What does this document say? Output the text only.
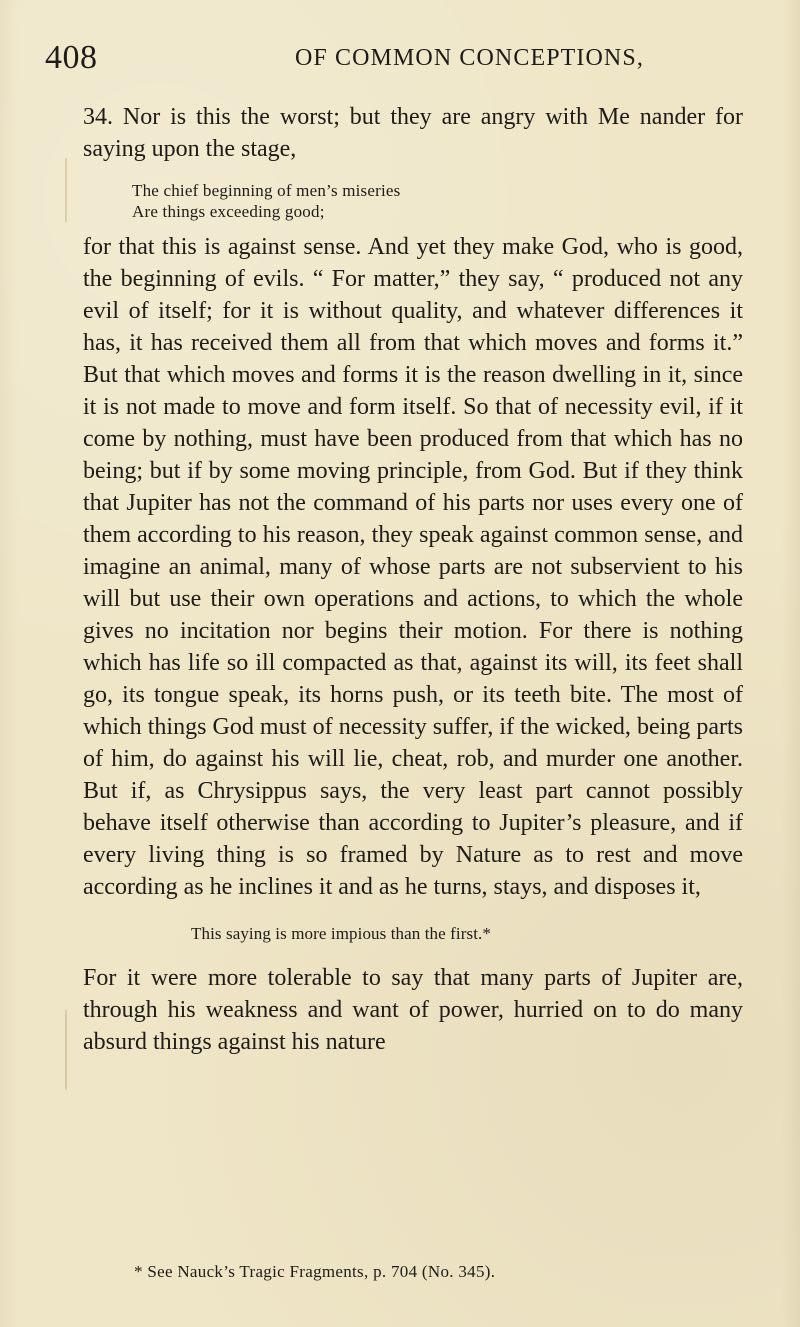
408	OF COMMON CONCEPTIONS,

34. Nor is this the worst; but they are angry with Me nander for saying upon the stage,

The chief beginning of men’s miseries
Are things exceeding good;

for that this is against sense. And yet they make God, who is good, the beginning of evils. “ For matter,” they say, “ produced not any evil of itself; for it is without quality, and whatever differences it has, it has received them all from that which moves and forms it.” But that which moves and forms it is the reason dwelling in it, since it is not made to move and form itself. So that of necessity evil, if it come by nothing, must have been produced from that which has no being; but if by some moving principle, from God. But if they think that Jupiter has not the command of his parts nor uses every one of them according to his reason, they speak against common sense, and imagine an animal, many of whose parts are not subservient to his will but use their own operations and actions, to which the whole gives no incitation nor begins their motion. For there is nothing which has life so ill compacted as that, against its will, its feet shall go, its tongue speak, its horns push, or its teeth bite. The most of which things God must of necessity suffer, if the wicked, being parts of him, do against his will lie, cheat, rob, and murder one another. But if, as Chrysippus says, the very least part cannot possibly behave itself otherwise than according to Jupiter’s pleasure, and if every living thing is so framed by Nature as to rest and move according as he inclines it and as he turns, stays, and disposes it,

This saying is more impious than the first.*

For it were more tolerable to say that many parts of Jupiter are, through his weakness and want of power, hurried on to do many absurd things against his nature

* See Nauck’s Tragic Fragments, p. 704 (No. 345).
